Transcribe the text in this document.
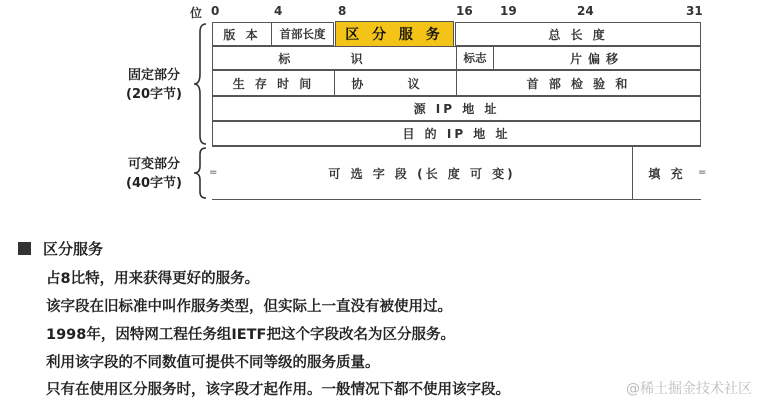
位 0	4	8	16 19	24	31
版 本	首部长度	区 分 服 务	总 长 度
标 识	标志	片偏移
生 存 时 间	协 议	首 部 检 验 和
源 IP 地 址
目 的 IP 地 址
可 选 字 段 (长 度 可 变)	填 充
=	=
固定部分
(20字节)
可变部分
(40字节)
区分服务
占8比特，用来获得更好的服务。
该字段在旧标准中叫作服务类型，但实际上一直没有被使用过。
1998年，因特网工程任务组IETF把这个字段改名为区分服务。
利用该字段的不同数值可提供不同等级的服务质量。
只有在使用区分服务时，该字段才起作用。一般情况下都不使用该字段。	@稀土掘金技术社区
